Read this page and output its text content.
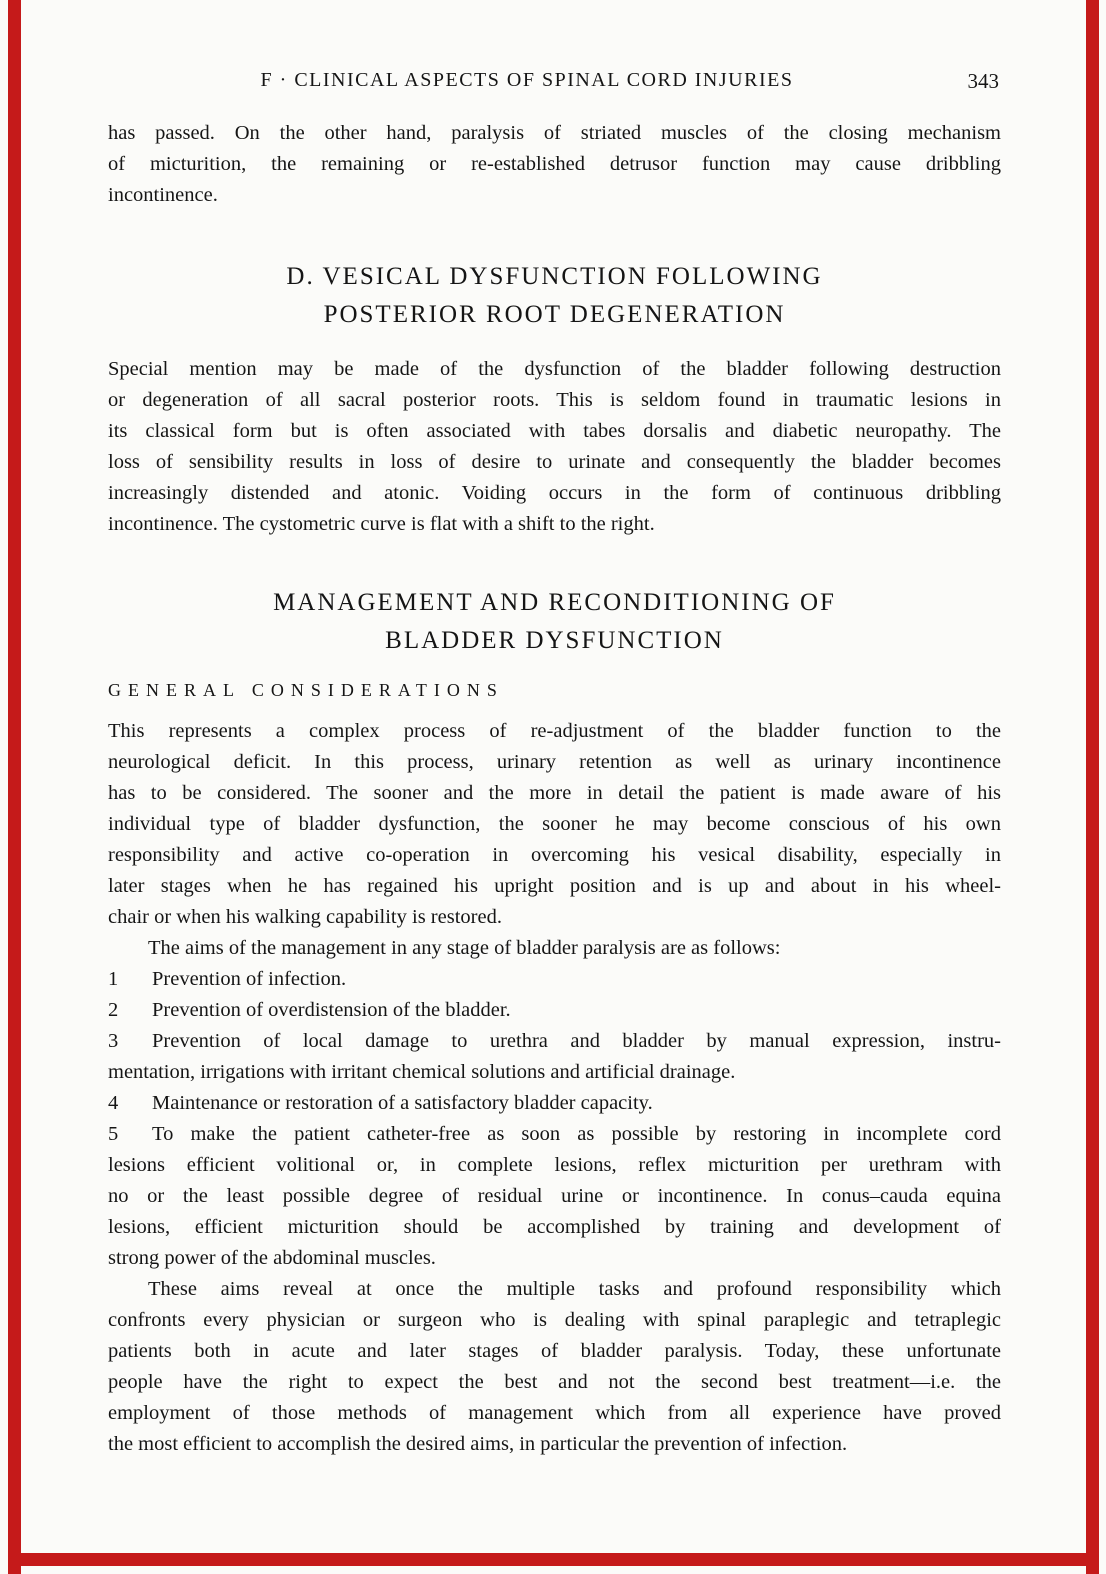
F · CLINICAL ASPECTS OF SPINAL CORD INJURIES	343
has passed. On the other hand, paralysis of striated muscles of the closing mechanism
of micturition, the remaining or re-established detrusor function may cause dribbling
incontinence.
D. VESICAL DYSFUNCTION FOLLOWING
POSTERIOR ROOT DEGENERATION
Special mention may be made of the dysfunction of the bladder following destruction
or degeneration of all sacral posterior roots. This is seldom found in traumatic lesions in
its classical form but is often associated with tabes dorsalis and diabetic neuropathy. The
loss of sensibility results in loss of desire to urinate and consequently the bladder becomes
increasingly distended and atonic. Voiding occurs in the form of continuous dribbling
incontinence. The cystometric curve is flat with a shift to the right.
MANAGEMENT AND RECONDITIONING OF
BLADDER DYSFUNCTION
GENERAL CONSIDERATIONS
This represents a complex process of re-adjustment of the bladder function to the
neurological deficit. In this process, urinary retention as well as urinary incontinence
has to be considered. The sooner and the more in detail the patient is made aware of his
individual type of bladder dysfunction, the sooner he may become conscious of his own
responsibility and active co-operation in overcoming his vesical disability, especially in
later stages when he has regained his upright position and is up and about in his wheel-
chair or when his walking capability is restored.
The aims of the management in any stage of bladder paralysis are as follows:
1 Prevention of infection.
2 Prevention of overdistension of the bladder.
3 Prevention of local damage to urethra and bladder by manual expression, instru-
mentation, irrigations with irritant chemical solutions and artificial drainage.
4 Maintenance or restoration of a satisfactory bladder capacity.
5 To make the patient catheter-free as soon as possible by restoring in incomplete cord
lesions efficient volitional or, in complete lesions, reflex micturition per urethram with
no or the least possible degree of residual urine or incontinence. In conus–cauda equina
lesions, efficient micturition should be accomplished by training and development of
strong power of the abdominal muscles.
These aims reveal at once the multiple tasks and profound responsibility which
confronts every physician or surgeon who is dealing with spinal paraplegic and tetraplegic
patients both in acute and later stages of bladder paralysis. Today, these unfortunate
people have the right to expect the best and not the second best treatment—i.e. the
employment of those methods of management which from all experience have proved
the most efficient to accomplish the desired aims, in particular the prevention of infection.
